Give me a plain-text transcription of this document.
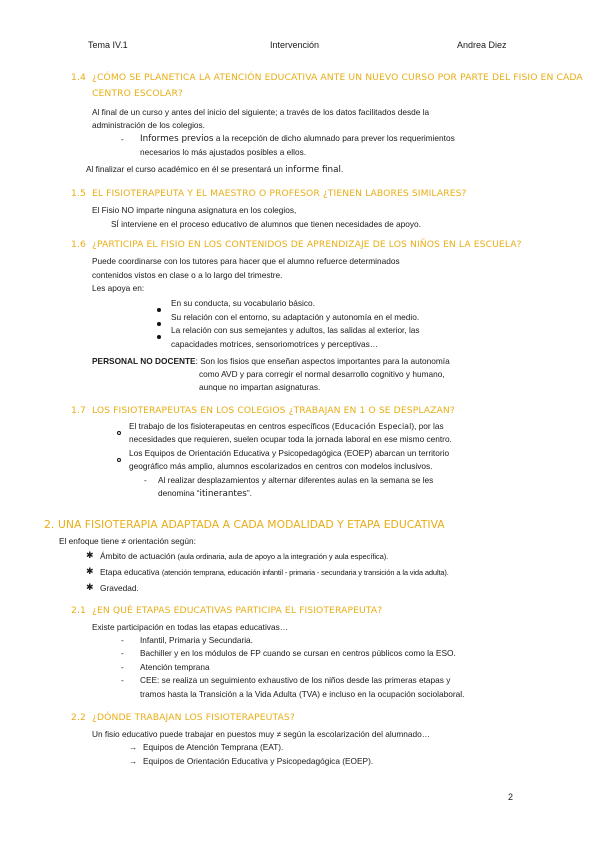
Tema IV.1	Intervención	Andrea Diez
1.4 ¿CÓMO SE PLANETICA LA ATENCIÓN EDUCATIVA ANTE UN NUEVO CURSO POR PARTE DEL FISIO EN CADA
CENTRO ESCOLAR?
Al final de un curso y antes del inicio del siguiente; a través de los datos facilitados desde la
administración de los colegios.
- Informes previos a la recepción de dicho alumnado para prever los requerimientos
necesarios lo más ajustados posibles a ellos.
Al finalizar el curso académico en él se presentará un informe final.
1.5 EL FISIOTERAPEUTA Y EL MAESTRO O PROFESOR ¿TIENEN LABORES SIMILARES?
El Fisio NO imparte ninguna asignatura en los colegios,
SÍ interviene en el proceso educativo de alumnos que tienen necesidades de apoyo.
1.6 ¿PARTICIPA EL FISIO EN LOS CONTENIDOS DE APRENDIZAJE DE LOS NIÑOS EN LA ESCUELA?
Puede coordinarse con los tutores para hacer que el alumno refuerce determinados
contenidos vistos en clase o a lo largo del trimestre.
Les apoya en:
En su conducta, su vocabulario básico.
Su relación con el entorno, su adaptación y autonomía en el medio.
La relación con sus semejantes y adultos, las salidas al exterior, las
capacidades motrices, sensoriomotrices y perceptivas…
PERSONAL NO DOCENTE: Son los fisios que enseñan aspectos importantes para la autonomía
como AVD y para corregir el normal desarrollo cognitivo y humano,
aunque no impartan asignaturas.
1.7 LOS FISIOTERAPEUTAS EN LOS COLEGIOS ¿TRABAJAN EN 1 O SE DESPLAZAN?
El trabajo de los fisioterapeutas en centros específicos (Educación Especial), por las
necesidades que requieren, suelen ocupar toda la jornada laboral en ese mismo centro.
Los Equipos de Orientación Educativa y Psicopedagógica (EOEP) abarcan un territorio
geográfico más amplio, alumnos escolarizados en centros con modelos inclusivos.
- Al realizar desplazamientos y alternar diferentes aulas en la semana se les
denomina “itinerantes”.
2. UNA FISIOTERAPIA ADAPTADA A CADA MODALIDAD Y ETAPA EDUCATIVA
El enfoque tiene ≠ orientación según:
✱ Ámbito de actuación (aula ordinaria, aula de apoyo a la integración y aula específica).
✱ Etapa educativa (atención temprana, educación infantil - primaria - secundaria y transición a la vida adulta).
✱ Gravedad.
2.1 ¿EN QUÉ ETAPAS EDUCATIVAS PARTICIPA EL FISIOTERAPEUTA?
Existe participación en todas las etapas educativas…
- Infantil, Primaria y Secundaria.
- Bachiller y en los módulos de FP cuando se cursan en centros públicos como la ESO.
- Atención temprana
- CEE: se realiza un seguimiento exhaustivo de los niños desde las primeras etapas y
tramos hasta la Transición a la Vida Adulta (TVA) e incluso en la ocupación sociolaboral.
2.2 ¿DÓNDE TRABAJAN LOS FISIOTERAPEUTAS?
Un fisio educativo puede trabajar en puestos muy ≠ según la escolarización del alumnado…
→ Equipos de Atención Temprana (EAT).
→ Equipos de Orientación Educativa y Psicopedagógica (EOEP).
2
